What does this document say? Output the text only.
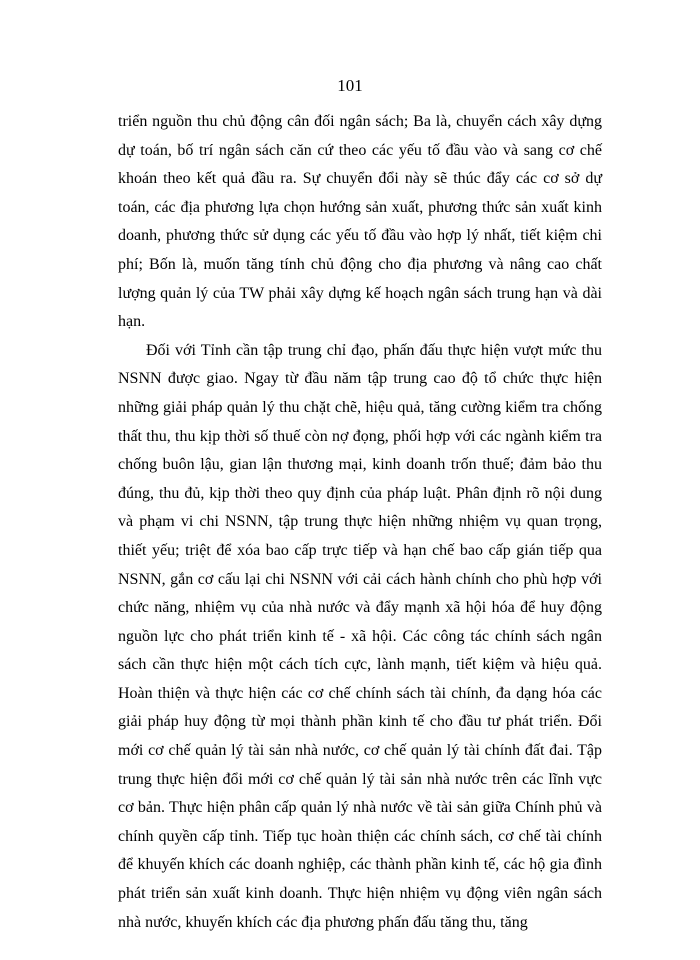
101

triển nguồn thu chủ động cân đối ngân sách; Ba là, chuyển cách xây dựng dự toán, bố trí ngân sách căn cứ theo các yếu tố đầu vào và sang cơ chế khoán theo kết quả đầu ra. Sự chuyển đổi này sẽ thúc đẩy các cơ sở dự toán, các địa phương lựa chọn hướng sản xuất, phương thức sản xuất kinh doanh, phương thức sử dụng các yếu tố đầu vào hợp lý nhất, tiết kiệm chi phí; Bốn là, muốn tăng tính chủ động cho địa phương và nâng cao chất lượng quản lý của TW phải xây dựng kế hoạch ngân sách trung hạn và dài hạn.

Đối với Tỉnh cần tập trung chỉ đạo, phấn đấu thực hiện vượt mức thu NSNN được giao. Ngay từ đầu năm tập trung cao độ tổ chức thực hiện những giải pháp quản lý thu chặt chẽ, hiệu quả, tăng cường kiểm tra chống thất thu, thu kịp thời số thuế còn nợ đọng, phối hợp với các ngành kiểm tra chống buôn lậu, gian lận thương mại, kinh doanh trốn thuế; đảm bảo thu đúng, thu đủ, kịp thời theo quy định của pháp luật. Phân định rõ nội dung và phạm vi chi NSNN, tập trung thực hiện những nhiệm vụ quan trọng, thiết yếu; triệt để xóa bao cấp trực tiếp và hạn chế bao cấp gián tiếp qua NSNN, gắn cơ cấu lại chi NSNN với cải cách hành chính cho phù hợp với chức năng, nhiệm vụ của nhà nước và đẩy mạnh xã hội hóa để huy động nguồn lực cho phát triển kinh tế - xã hội. Các công tác chính sách ngân sách cần thực hiện một cách tích cực, lành mạnh, tiết kiệm và hiệu quả. Hoàn thiện và thực hiện các cơ chế chính sách tài chính, đa dạng hóa các giải pháp huy động từ mọi thành phần kinh tế cho đầu tư phát triển. Đổi mới cơ chế quản lý tài sản nhà nước, cơ chế quản lý tài chính đất đai. Tập trung thực hiện đổi mới cơ chế quản lý tài sản nhà nước trên các lĩnh vực cơ bản. Thực hiện phân cấp quản lý nhà nước về tài sản giữa Chính phủ và chính quyền cấp tỉnh. Tiếp tục hoàn thiện các chính sách, cơ chế tài chính để khuyến khích các doanh nghiệp, các thành phần kinh tế, các hộ gia đình phát triển sản xuất kinh doanh. Thực hiện nhiệm vụ động viên ngân sách nhà nước, khuyến khích các địa phương phấn đấu tăng thu, tăng
